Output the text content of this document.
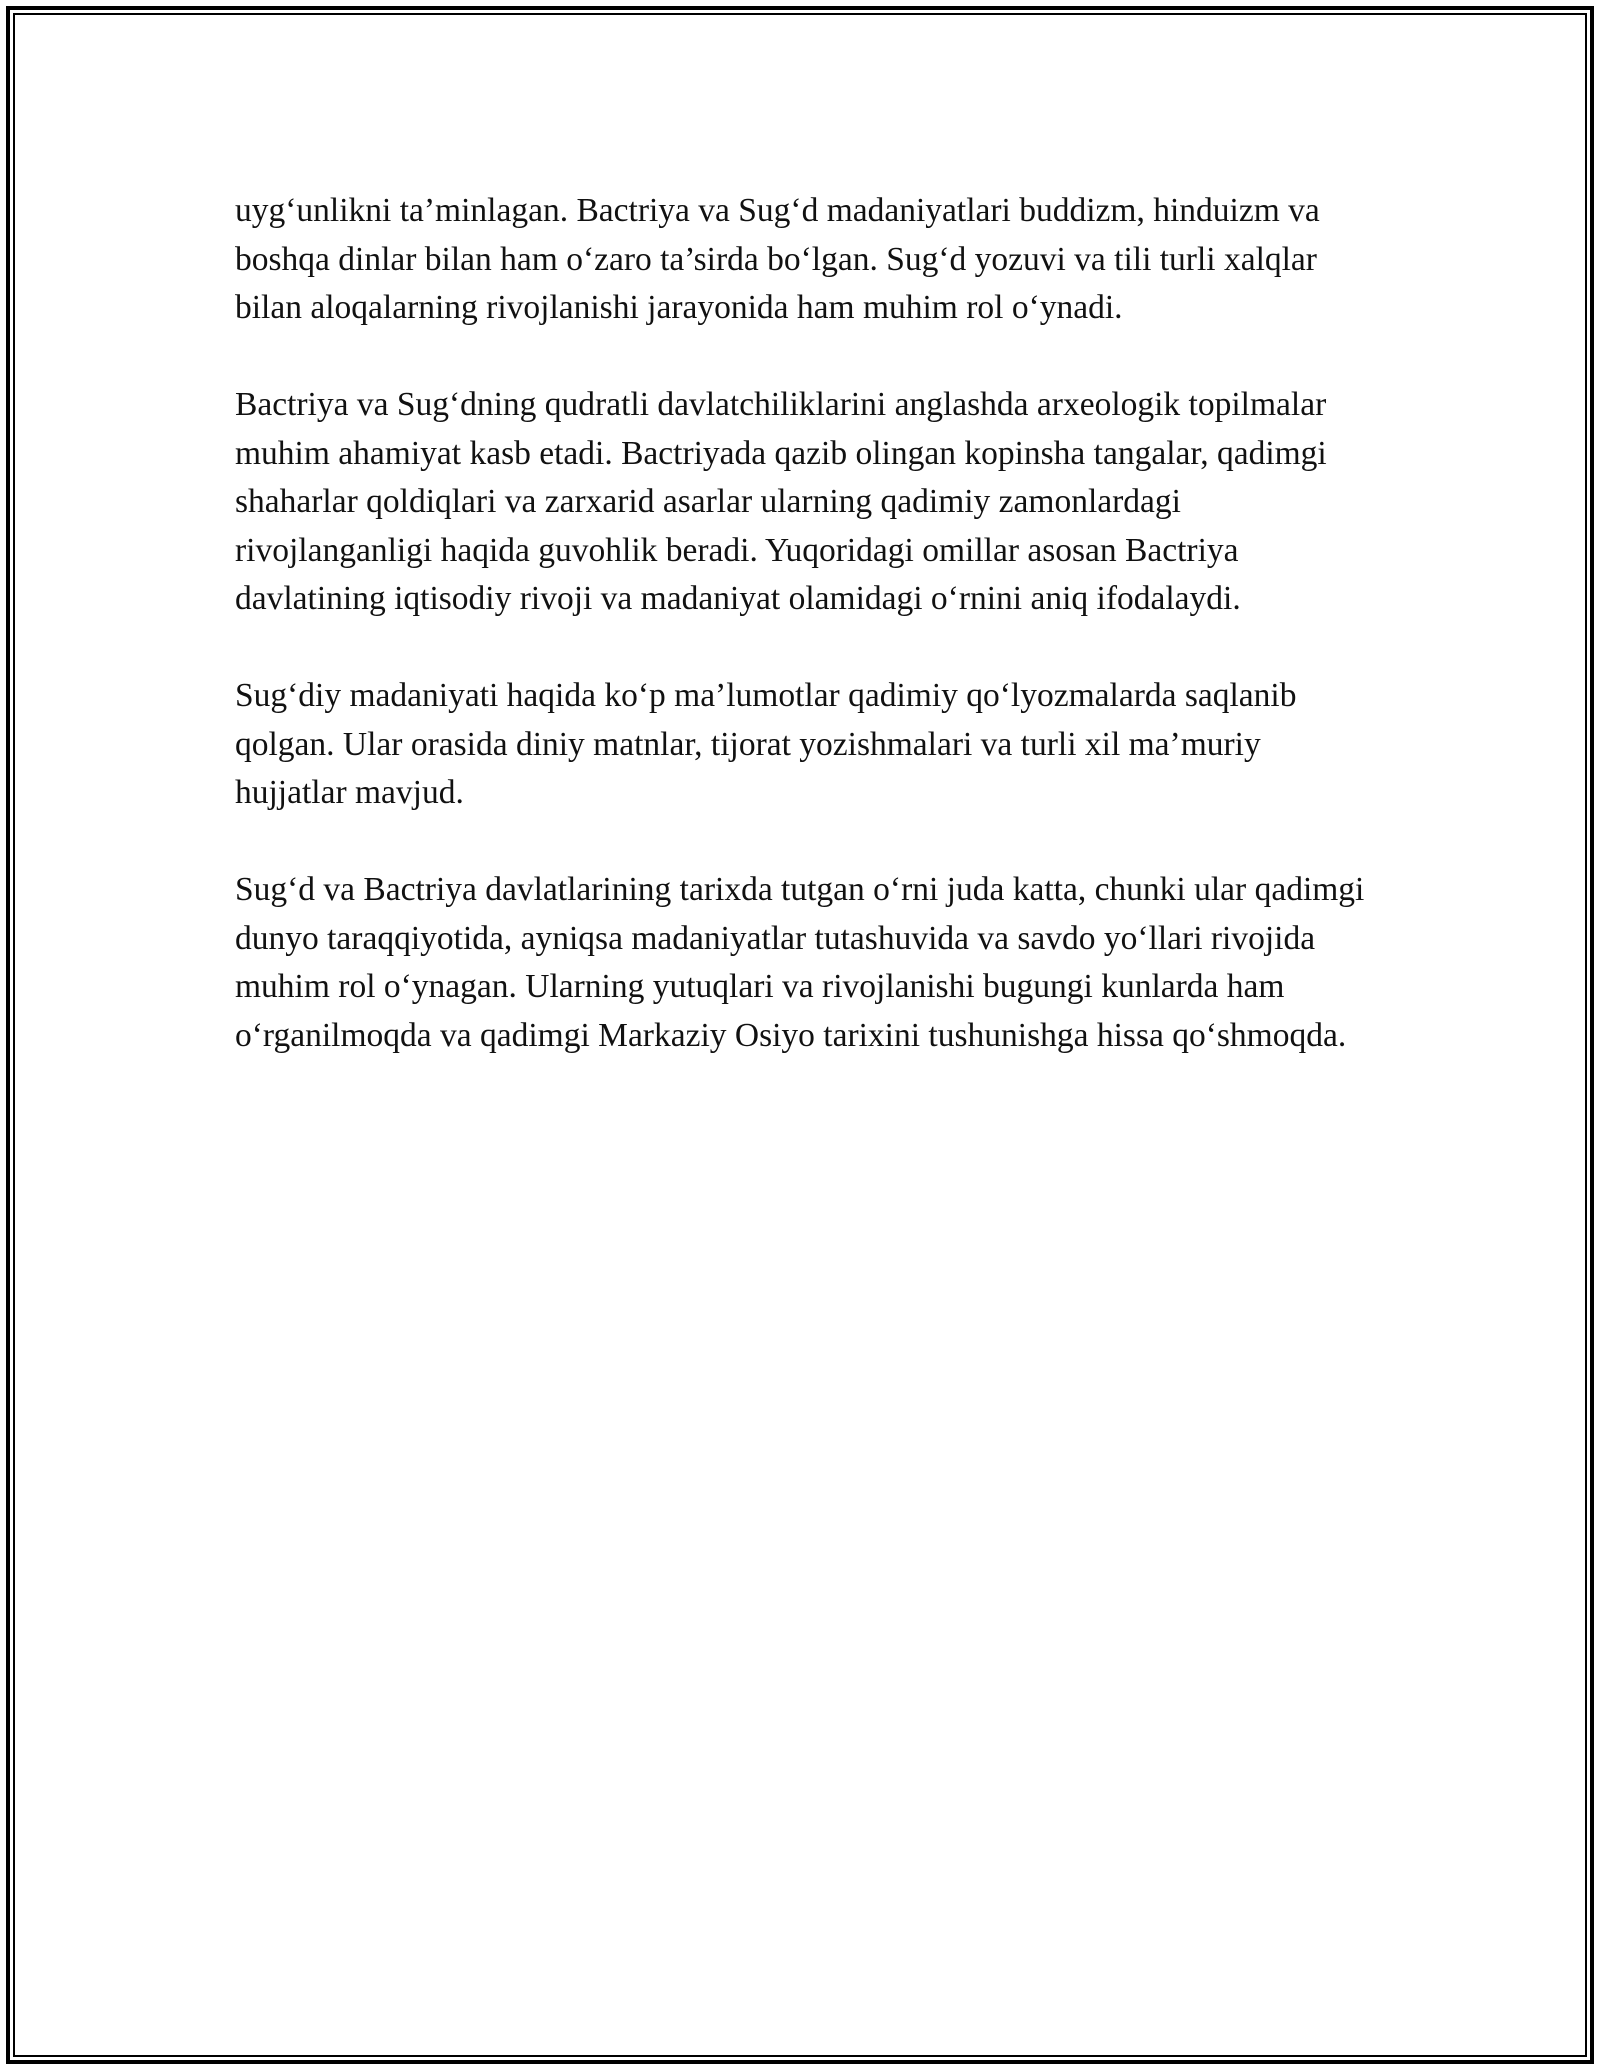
uyg‘unlikni ta’minlagan. Bactriya va Sug‘d madaniyatlari buddizm, hinduizm va boshqa dinlar bilan ham o‘zaro ta’sirda bo‘lgan. Sug‘d yozuvi va tili turli xalqlar bilan aloqalarning rivojlanishi jarayonida ham muhim rol o‘ynadi.

Bactriya va Sug‘dning qudratli davlatchiliklarini anglashda arxeologik topilmalar muhim ahamiyat kasb etadi. Bactriyada qazib olingan kopinsha tangalar, qadimgi shaharlar qoldiqlari va zarxarid asarlar ularning qadimiy zamonlardagi rivojlanganligi haqida guvohlik beradi. Yuqoridagi omillar asosan Bactriya davlatining iqtisodiy rivoji va madaniyat olamidagi o‘rnini aniq ifodalaydi.

Sug‘diy madaniyati haqida ko‘p ma’lumotlar qadimiy qo‘lyozmalarda saqlanib qolgan. Ular orasida diniy matnlar, tijorat yozishmalari va turli xil ma’muriy hujjatlar mavjud.

Sug‘d va Bactriya davlatlarining tarixda tutgan o‘rni juda katta, chunki ular qadimgi dunyo taraqqiyotida, ayniqsa madaniyatlar tutashuvida va savdo yo‘llari rivojida muhim rol o‘ynagan. Ularning yutuqlari va rivojlanishi bugungi kunlarda ham o‘rganilmoqda va qadimgi Markaziy Osiyo tarixini tushunishga hissa qo‘shmoqda.
